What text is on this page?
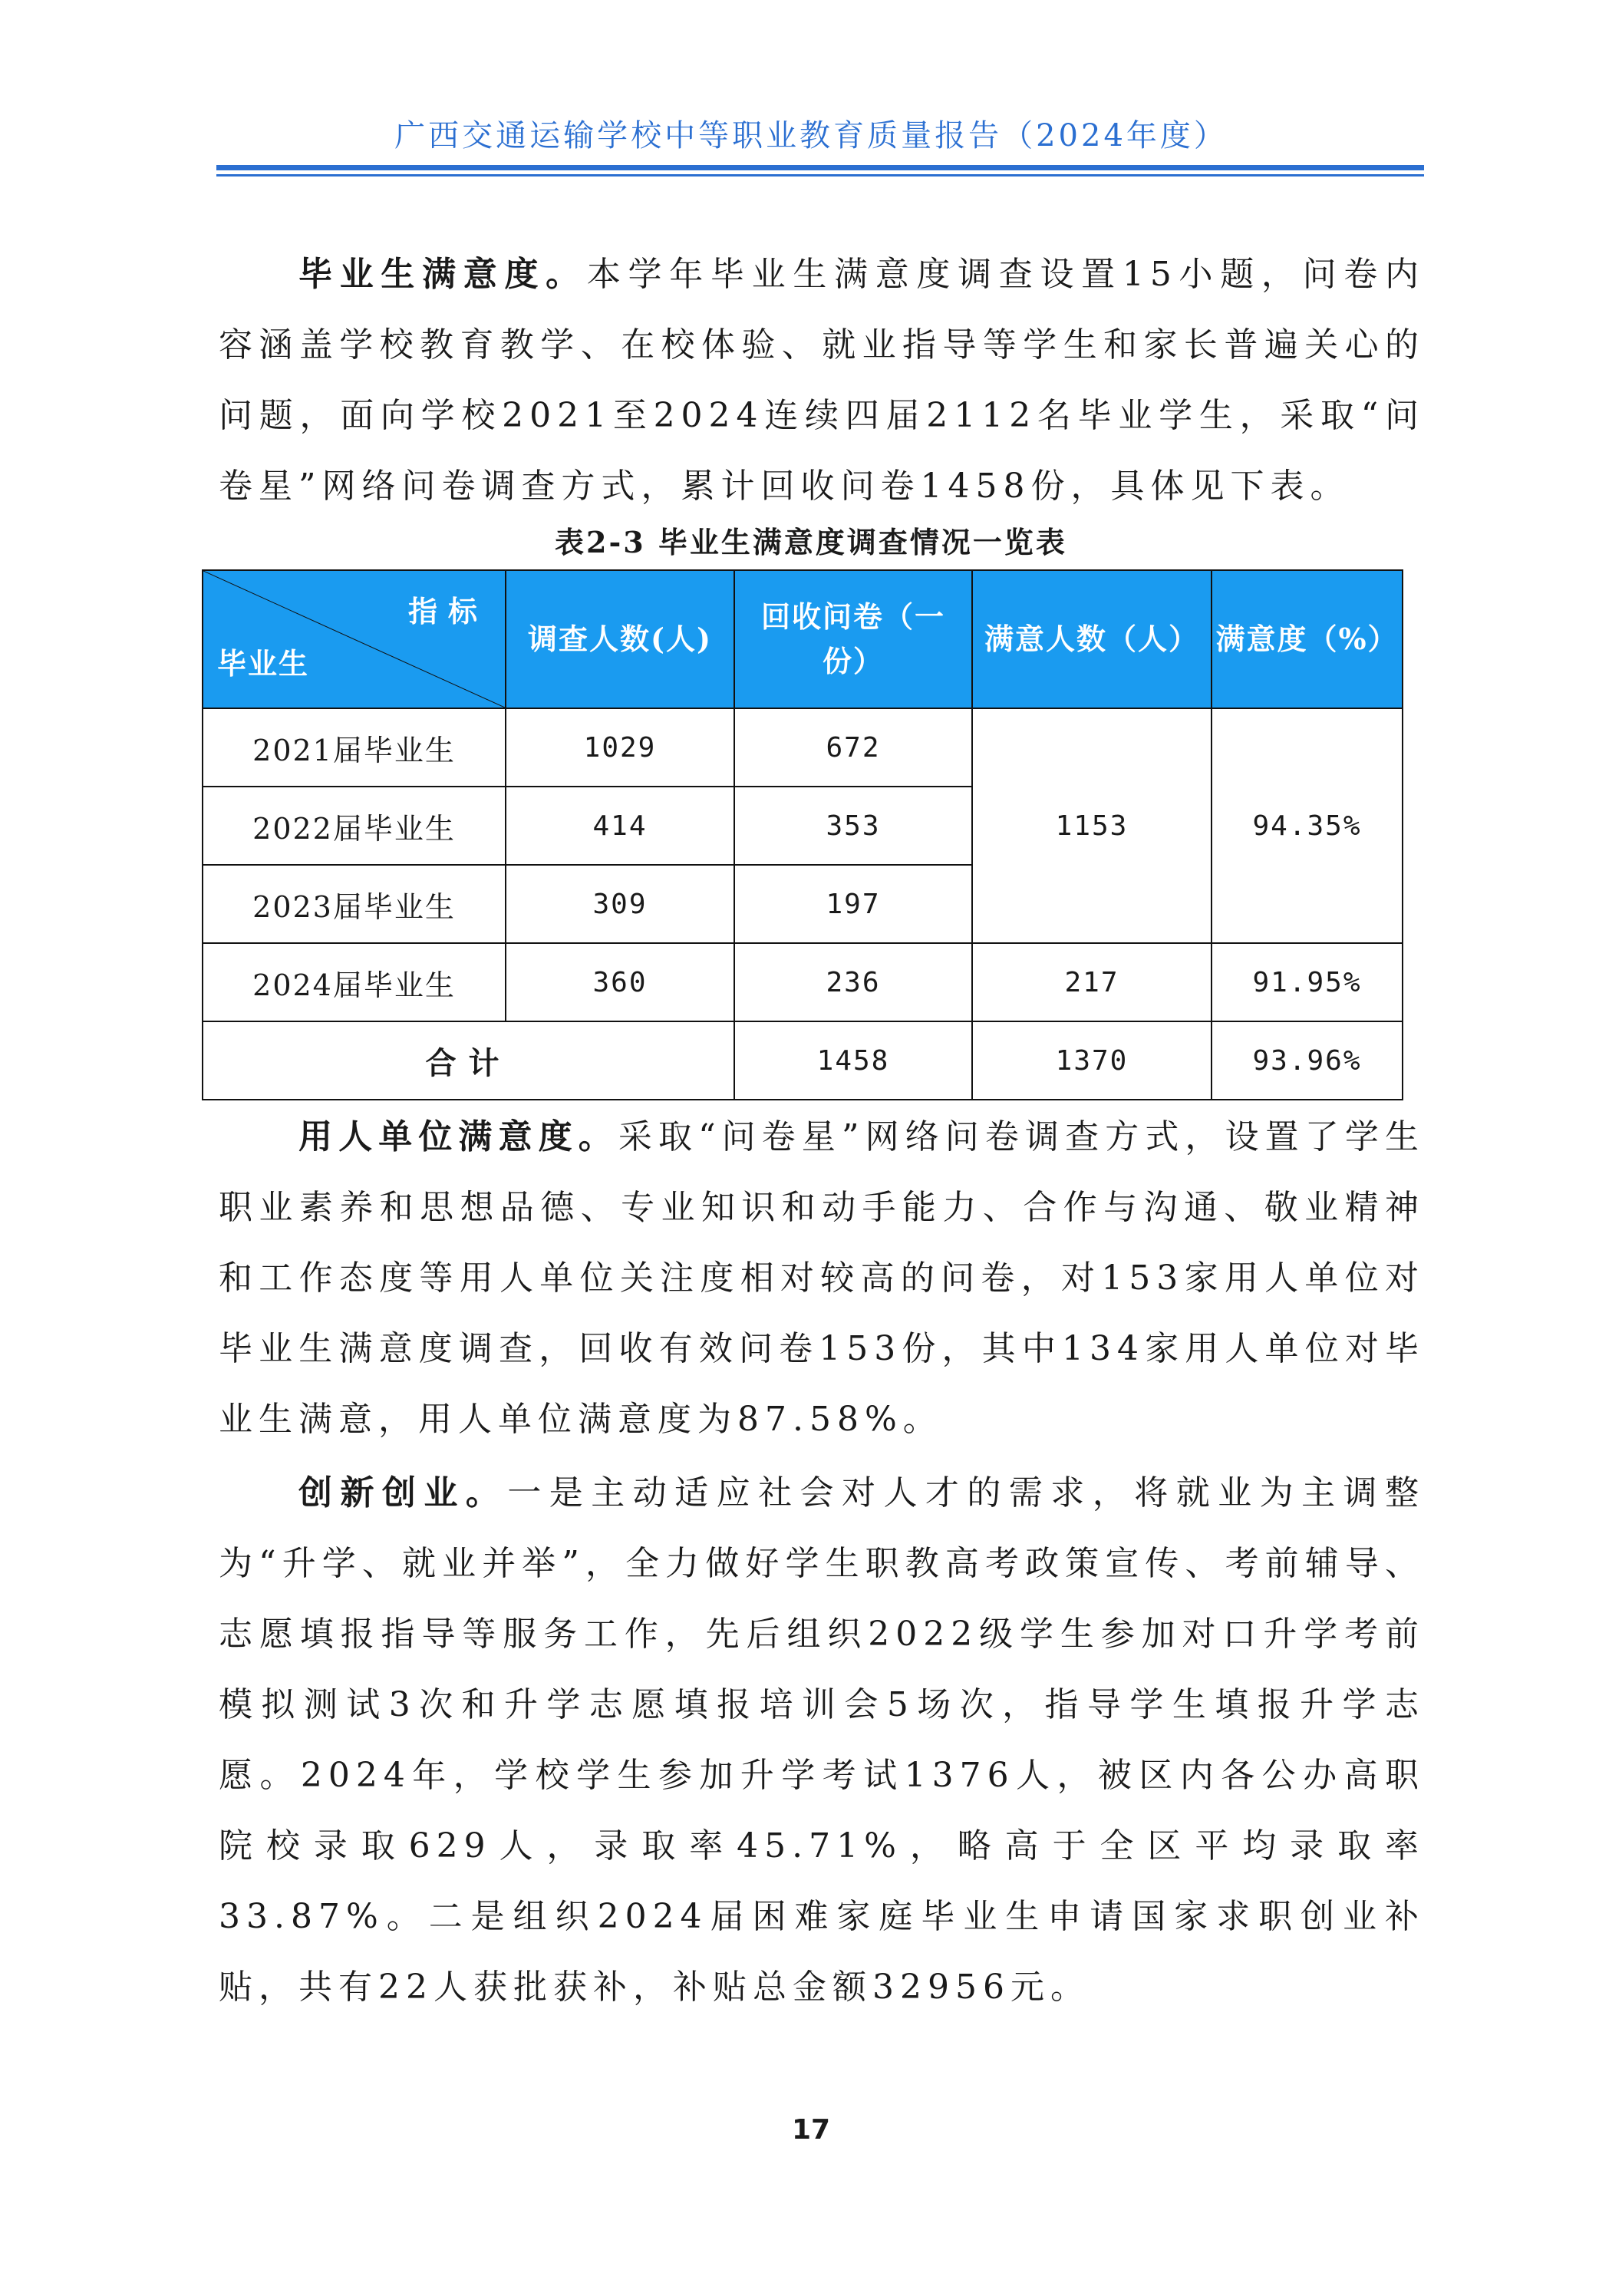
广西交通运输学校中等职业教育质量报告（2024年度）

毕业生满意度。本学年毕业生满意度调查设置15小题，问卷内容涵盖学校教育教学、在校体验、就业指导等学生和家长普遍关心的问题，面向学校2021至2024连续四届2112名毕业学生，采取“问卷星”网络问卷调查方式，累计回收问卷1458份，具体见下表。

表2-3 毕业生满意度调查情况一览表
指标
毕业生	调查人数(人)	回收问卷（一份）	满意人数（人）	满意度（%）
2021届毕业生	1029	672	1153	94.35%
2022届毕业生	414	353		
2023届毕业生	309	197		
2024届毕业生	360	236	217	91.95%
合计		1458	1370	93.96%

用人单位满意度。采取“问卷星”网络问卷调查方式，设置了学生职业素养和思想品德、专业知识和动手能力、合作与沟通、敬业精神和工作态度等用人单位关注度相对较高的问卷，对153家用人单位对毕业生满意度调查，回收有效问卷153份，其中134家用人单位对毕业生满意，用人单位满意度为87.58%。

创新创业。一是主动适应社会对人才的需求，将就业为主调整为“升学、就业并举”，全力做好学生职教高考政策宣传、考前辅导、志愿填报指导等服务工作，先后组织2022级学生参加对口升学考前模拟测试3次和升学志愿填报培训会5场次，指导学生填报升学志愿。2024年，学校学生参加升学考试1376人，被区内各公办高职院校录取629人，录取率45.71%，略高于全区平均录取率33.87%。二是组织2024届困难家庭毕业生申请国家求职创业补贴，共有22人获批获补，补贴总金额32956元。

17
